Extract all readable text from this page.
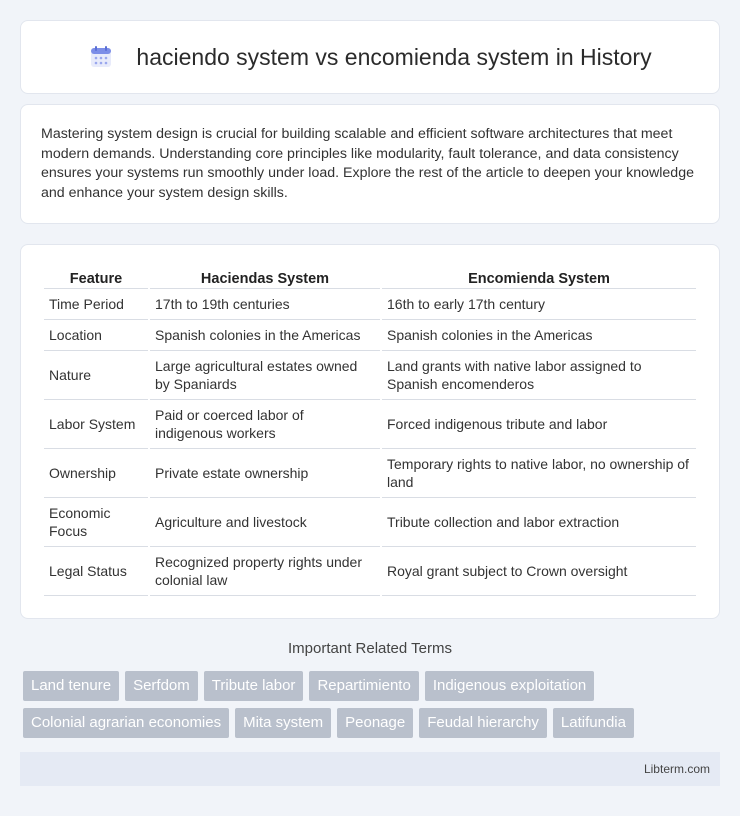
haciendo system vs encomienda system in History

Mastering system design is crucial for building scalable and efficient software architectures that meet modern demands. Understanding core principles like modularity, fault tolerance, and data consistency ensures your systems run smoothly under load. Explore the rest of the article to deepen your knowledge and enhance your system design skills.

Feature	Haciendas System	Encomienda System
Time Period	17th to 19th centuries	16th to early 17th century
Location	Spanish colonies in the Americas	Spanish colonies in the Americas
Nature	Large agricultural estates owned by Spaniards	Land grants with native labor assigned to Spanish encomenderos
Labor System	Paid or coerced labor of indigenous workers	Forced indigenous tribute and labor
Ownership	Private estate ownership	Temporary rights to native labor, no ownership of land
Economic Focus	Agriculture and livestock	Tribute collection and labor extraction
Legal Status	Recognized property rights under colonial law	Royal grant subject to Crown oversight
Important Related Terms
Land tenure	Serfdom	Tribute labor	Repartimiento	Indigenous exploitation
Colonial agrarian economies	Mita system	Peonage	Feudal hierarchy	Latifundia
Libterm.com
